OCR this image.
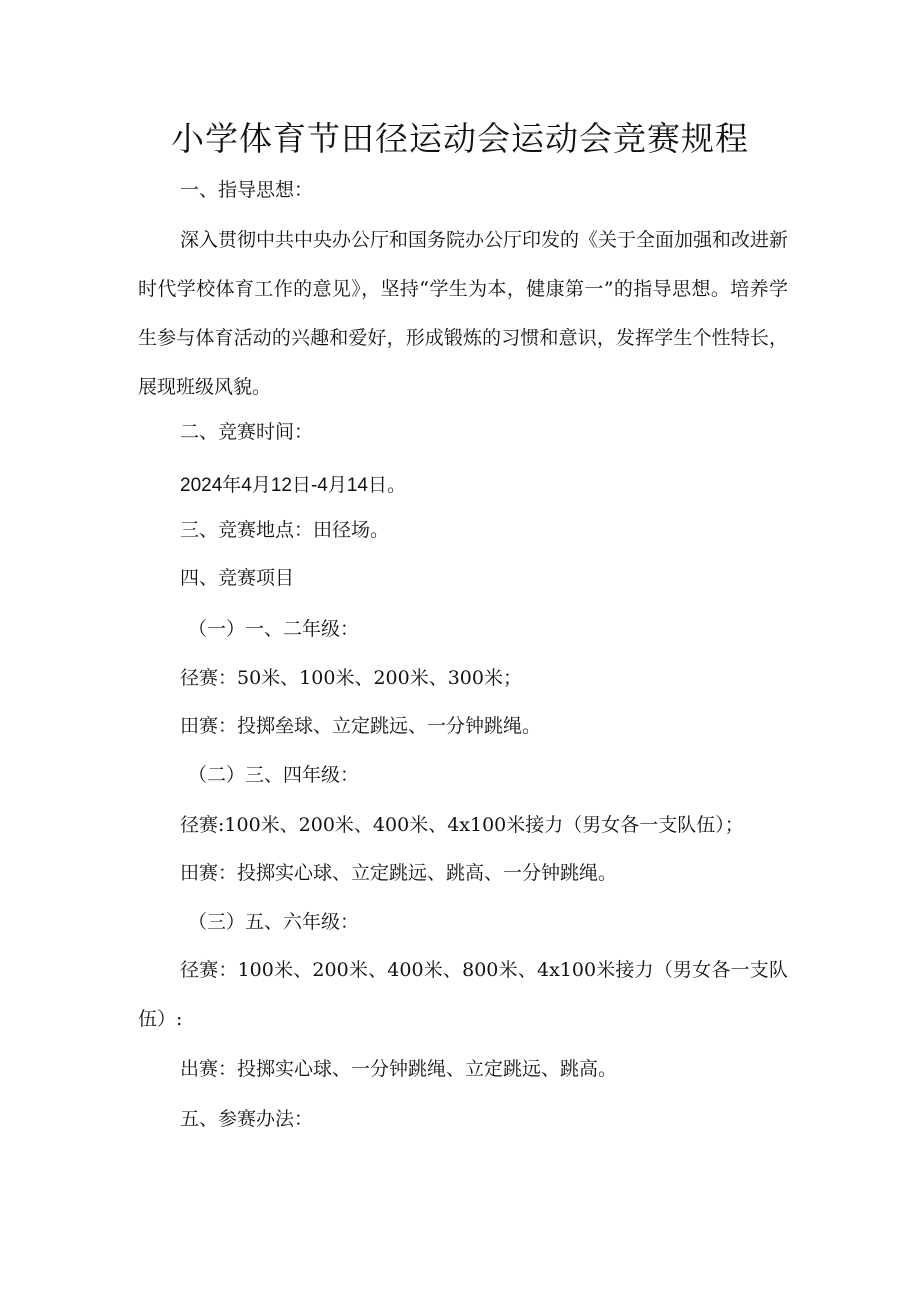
小学体育节田径运动会运动会竞赛规程
一、指导思想：
深入贯彻中共中央办公厅和国务院办公厅印发的《关于全面加强和改进新时代学校体育工作的意见》，坚持“学生为本，健康第一”的指导思想。培养学生参与体育活动的兴趣和爱好，形成锻炼的习惯和意识，发挥学生个性特长，展现班级风貌。
二、竞赛时间：
2024年4月12日-4月14日。
三、竞赛地点：田径场。
四、竞赛项目
（一）一、二年级：
径赛：50米、100米、200米、300米；
田赛：投掷垒球、立定跳远、一分钟跳绳。
（二）三、四年级：
径赛:100米、200米、400米、4x100米接力（男女各一支队伍）；
田赛：投掷实心球、立定跳远、跳高、一分钟跳绳。
（三）五、六年级：
径赛：100米、200米、400米、800米、4x100米接力（男女各一支队伍）:
出赛：投掷实心球、一分钟跳绳、立定跳远、跳高。
五、参赛办法：
